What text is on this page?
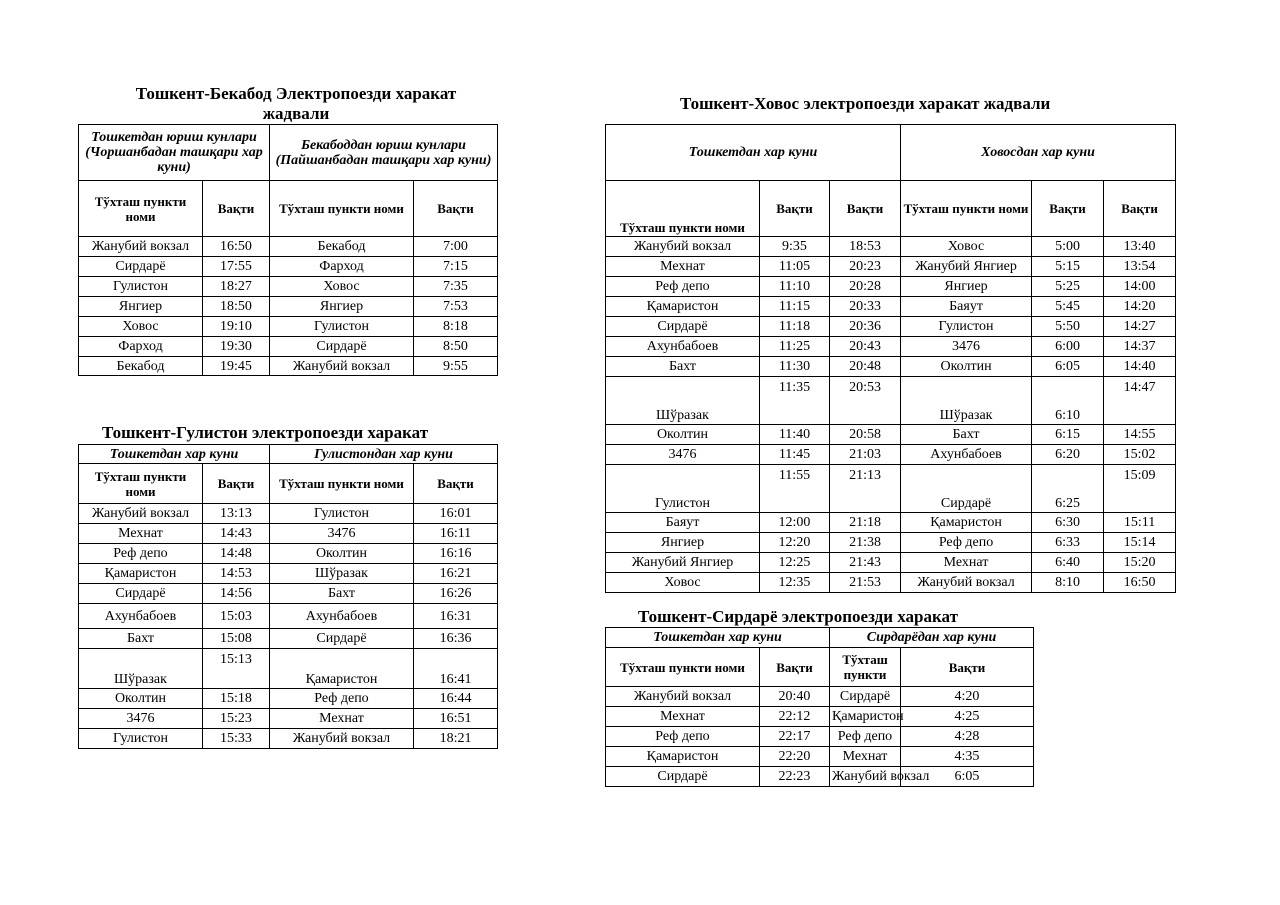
Тошкент-Бекабод Электропоезди харакат жадвали
Тошкетдан юриш кунлари (Чоршанбадан ташқари хар куни)		Бекабоддан юриш кунлари (Пайшанбадан ташқари хар куни)	
Тўхташ пункти номи	Вақти	Тўхташ пункти номи	Вақти
Жанубий вокзал	16:50	Бекабод	7:00
Сирдарё	17:55	Фарход	7:15
Гулистон	18:27	Ховос	7:35
Янгиер	18:50	Янгиер	7:53
Ховос	19:10	Гулистон	8:18
Фарход	19:30	Сирдарё	8:50
Бекабод	19:45	Жанубий вокзал	9:55
Тошкент-Гулистон электропоезди харакат
Тошкетдан хар куни		Гулистондан хар куни	
Тўхташ пункти номи	Вақти	Тўхташ пункти номи	Вақти
Жанубий вокзал	13:13	Гулистон	16:01
Мехнат	14:43	3476	16:11
Реф депо	14:48	Околтин	16:16
Қамаристон	14:53	Шўразак	16:21
Сирдарё	14:56	Бахт	16:26
Ахунбабоев	15:03	Ахунбабоев	16:31
Бахт	15:08	Сирдарё	16:36
Шўразак	15:13	Қамаристон	16:41
Околтин	15:18	Реф депо	16:44
3476	15:23	Мехнат	16:51
Гулистон	15:33	Жанубий вокзал	18:21
Тошкент-Ховос электропоезди харакат жадвали
Тошкетдан хар куни			Ховосдан хар куни		
Тўхташ пункти номи	Вақти	Вақти	Тўхташ пункти номи	Вақти	Вақти
Жанубий вокзал	9:35	18:53	Ховос	5:00	13:40
Мехнат	11:05	20:23	Жанубий Янгиер	5:15	13:54
Реф депо	11:10	20:28	Янгиер	5:25	14:00
Қамаристон	11:15	20:33	Баяут	5:45	14:20
Сирдарё	11:18	20:36	Гулистон	5:50	14:27
Ахунбабоев	11:25	20:43	3476	6:00	14:37
Бахт	11:30	20:48	Околтин	6:05	14:40
Шўразак	11:35	20:53	Шўразак	6:10	14:47
Околтин	11:40	20:58	Бахт	6:15	14:55
3476	11:45	21:03	Ахунбабоев	6:20	15:02
Гулистон	11:55	21:13	Сирдарё	6:25	15:09
Баяут	12:00	21:18	Қамаристон	6:30	15:11
Янгиер	12:20	21:38	Реф депо	6:33	15:14
Жанубий Янгиер	12:25	21:43	Мехнат	6:40	15:20
Ховос	12:35	21:53	Жанубий вокзал	8:10	16:50
Тошкент-Сирдарё электропоезди харакат
Тошкетдан хар куни		Сирдарёдан хар куни	
Тўхташ пункти номи	Вақти	Тўхташ пункти	Вақти
Жанубий вокзал	20:40	Сирдарё	4:20
Мехнат	22:12	Қамаристон	4:25
Реф депо	22:17	Реф депо	4:28
Қамаристон	22:20	Мехнат	4:35
Сирдарё	22:23	Жанубий вокзал	6:05
